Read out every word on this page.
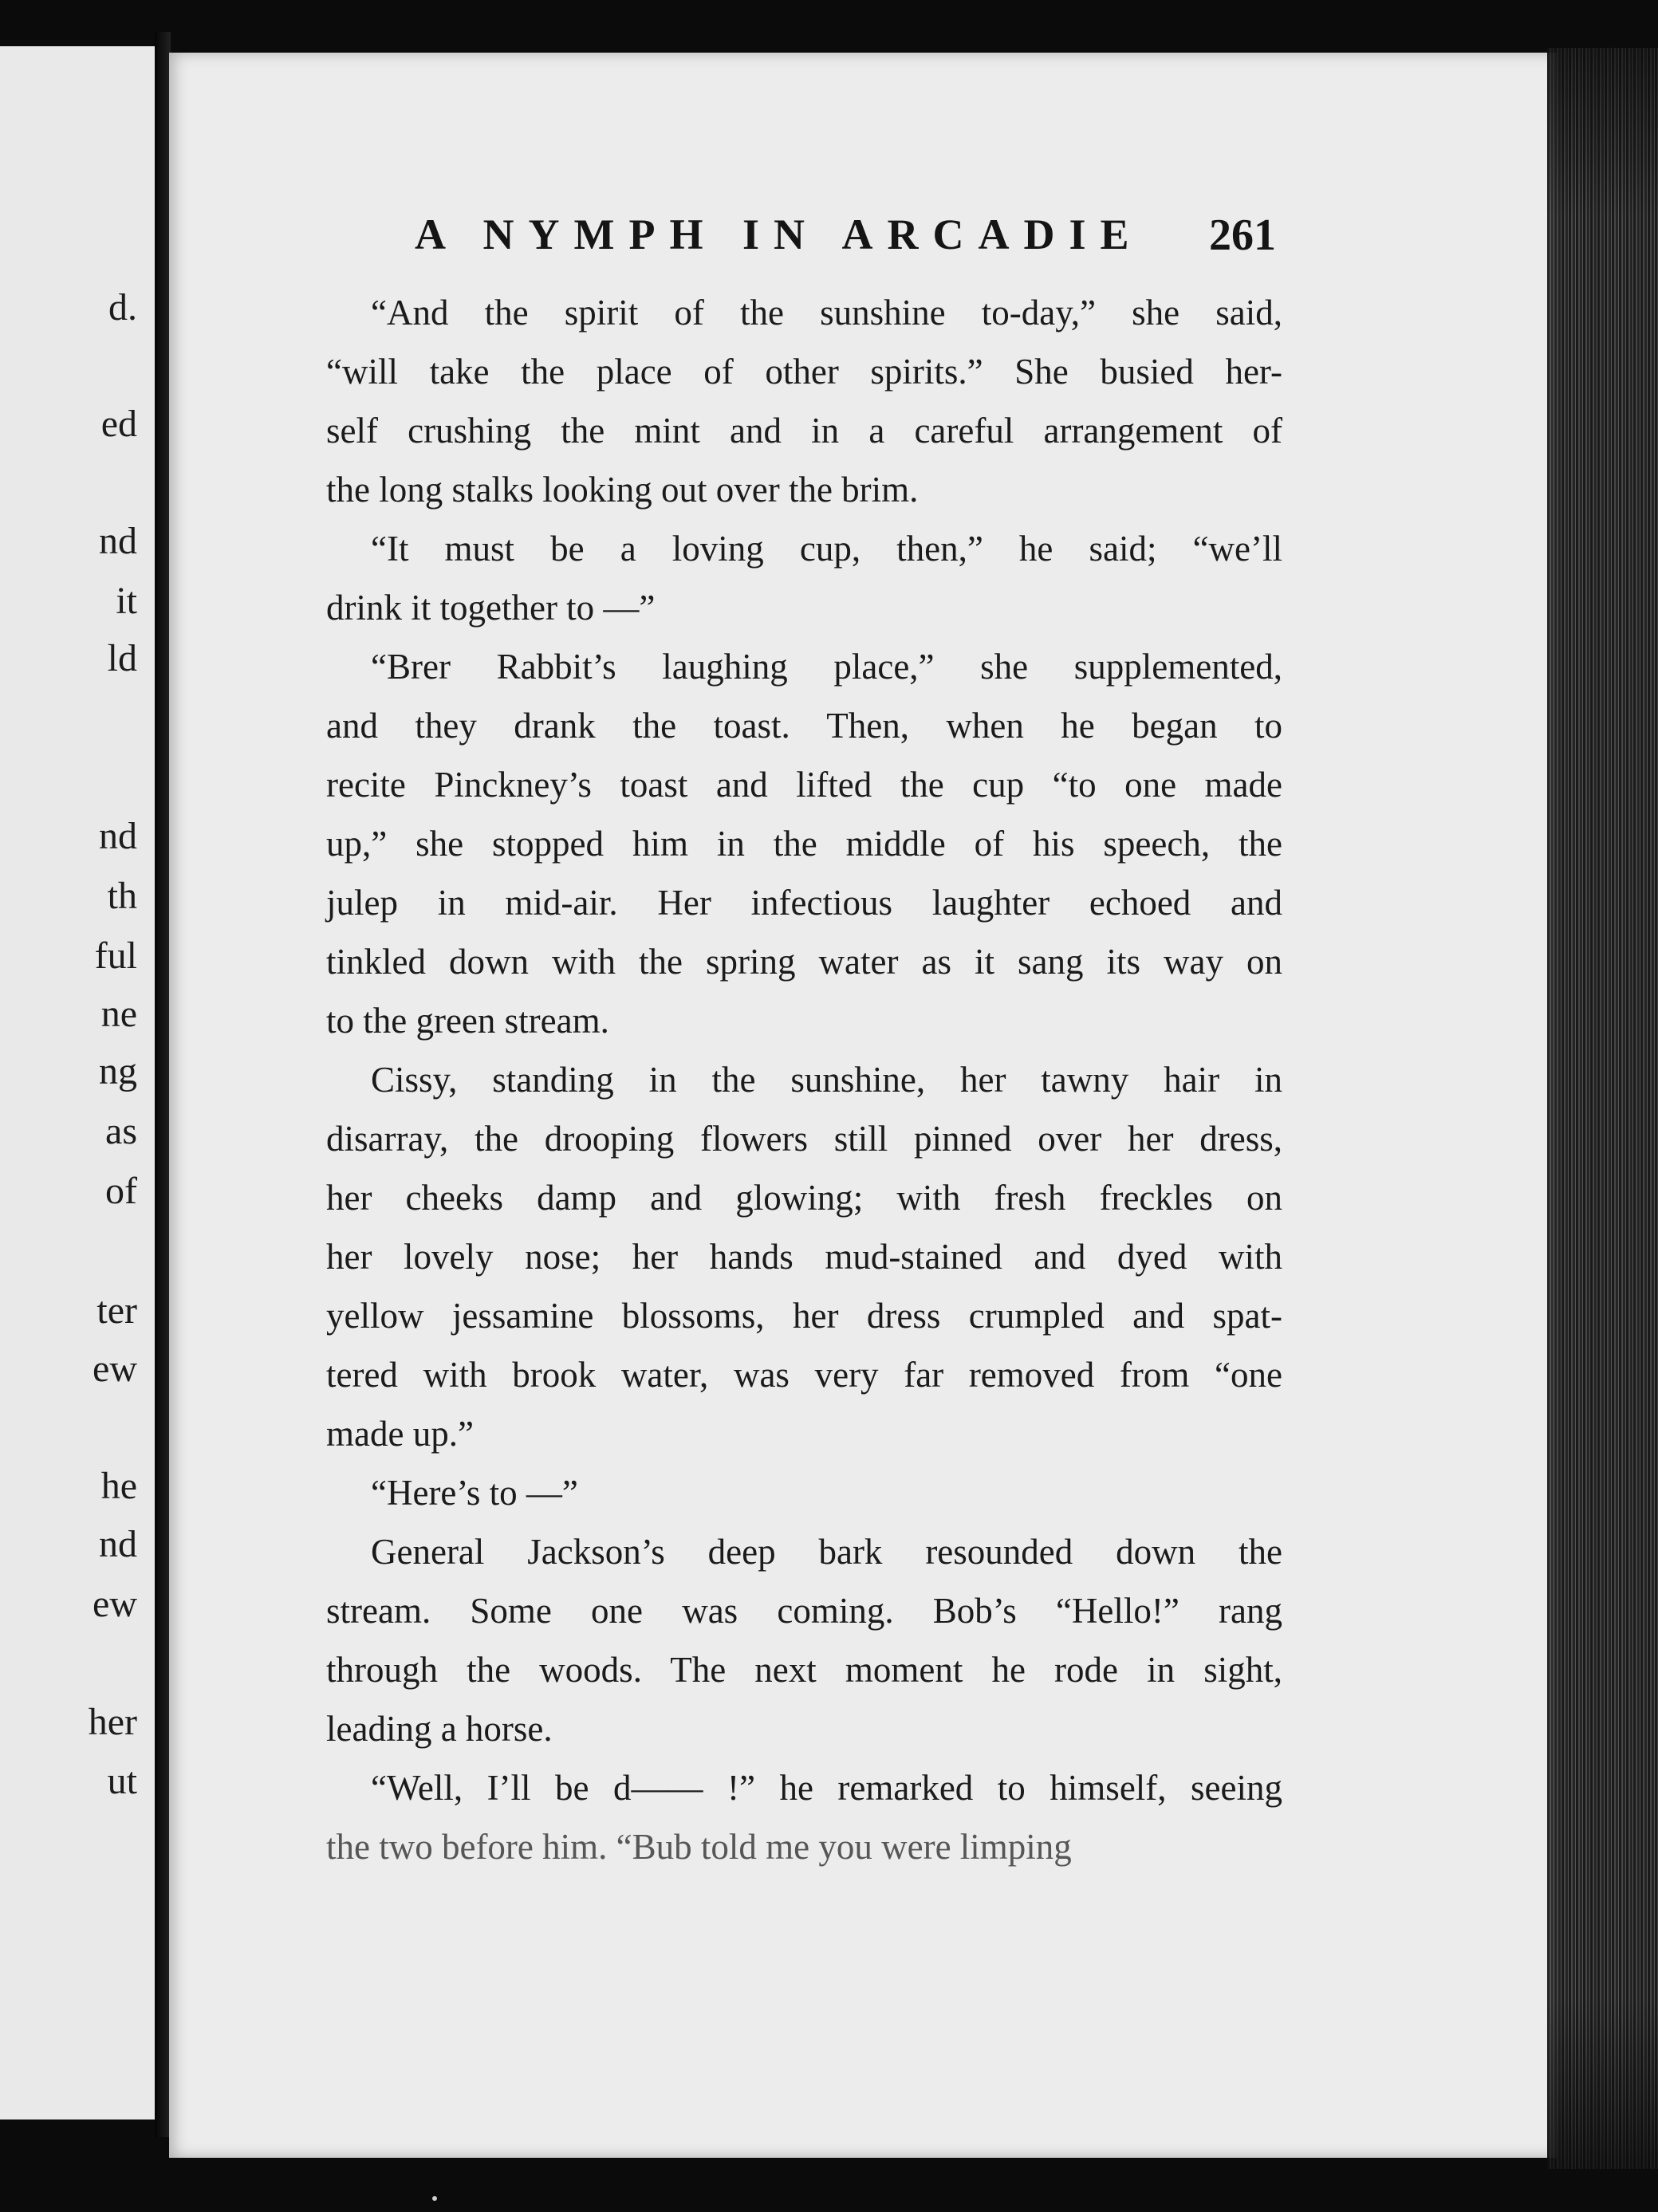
d.
ed
nd
it
ld
nd
th
ful
ne
ng
as
of
ter
ew
he
nd
ew
her
ut
A NYMPH IN ARCADIE 261
“And the spirit of the sunshine to-day,” she said,
“will take the place of other spirits.” She busied her-
self crushing the mint and in a careful arrangement of
the long stalks looking out over the brim.
“It must be a loving cup, then,” he said; “we’ll
drink it together to —”
“Brer Rabbit’s laughing place,” she supplemented,
and they drank the toast. Then, when he began to
recite Pinckney’s toast and lifted the cup “to one made
up,” she stopped him in the middle of his speech, the
julep in mid-air. Her infectious laughter echoed and
tinkled down with the spring water as it sang its way on
to the green stream.
Cissy, standing in the sunshine, her tawny hair in
disarray, the drooping flowers still pinned over her dress,
her cheeks damp and glowing; with fresh freckles on
her lovely nose; her hands mud-stained and dyed with
yellow jessamine blossoms, her dress crumpled and spat-
tered with brook water, was very far removed from “one
made up.”
“Here’s to —”
General Jackson’s deep bark resounded down the
stream. Some one was coming. Bob’s “Hello!” rang
through the woods. The next moment he rode in sight,
leading a horse.
“Well, I’ll be d—— !” he remarked to himself, seeing
the two before him. “Bub told me you were limping
